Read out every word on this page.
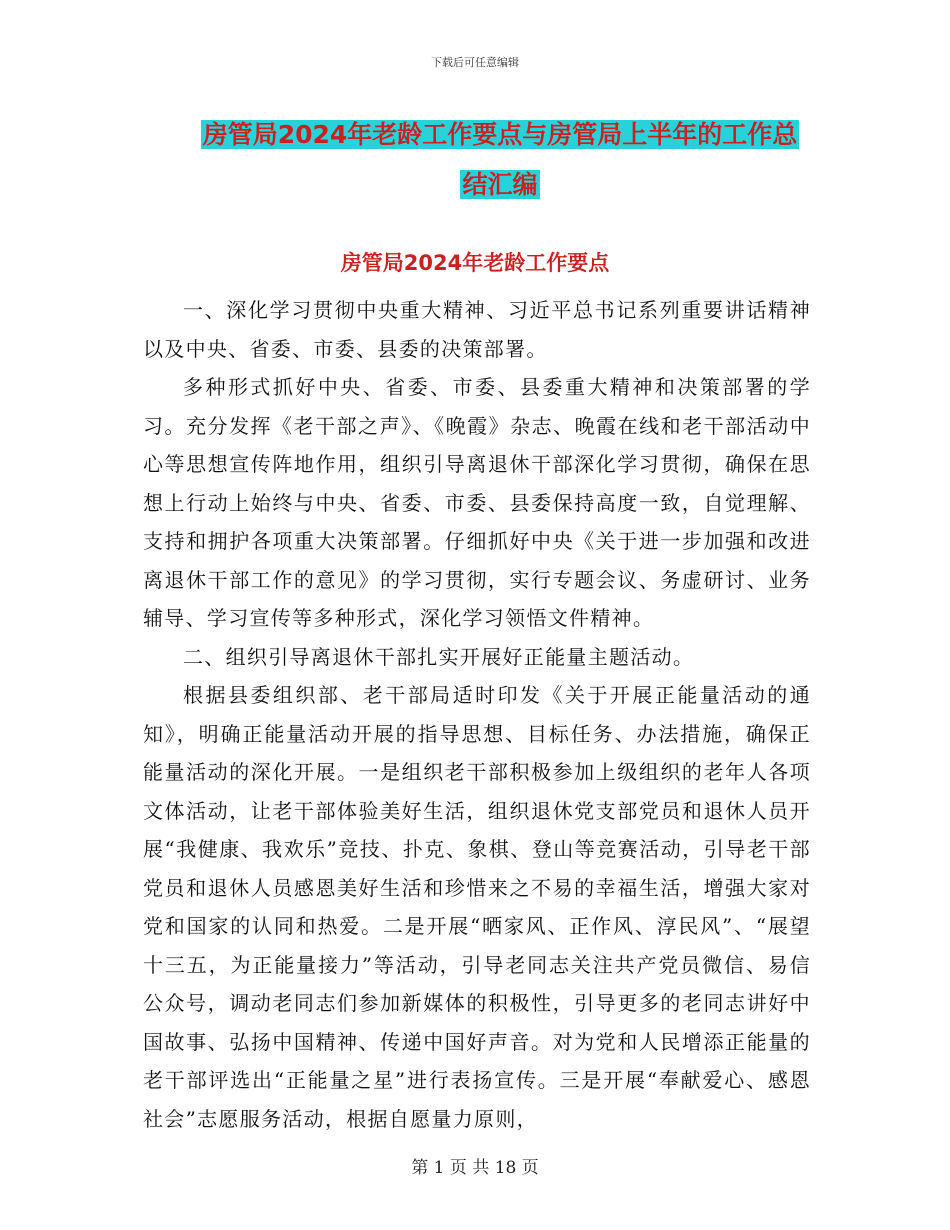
下载后可任意编辑
房管局2024年老龄工作要点与房管局上半年的工作总
结汇编
房管局2024年老龄工作要点

一、深化学习贯彻中央重大精神、习近平总书记系列重要讲话精神以及中央、省委、市委、县委的决策部署。

多种形式抓好中央、省委、市委、县委重大精神和决策部署的学习。充分发挥《老干部之声》、《晚霞》杂志、晚霞在线和老干部活动中心等思想宣传阵地作用，组织引导离退休干部深化学习贯彻，确保在思想上行动上始终与中央、省委、市委、县委保持高度一致，自觉理解、支持和拥护各项重大决策部署。仔细抓好中央《关于进一步加强和改进离退休干部工作的意见》的学习贯彻，实行专题会议、务虚研讨、业务辅导、学习宣传等多种形式，深化学习领悟文件精神。

二、组织引导离退休干部扎实开展好正能量主题活动。

根据县委组织部、老干部局适时印发《关于开展正能量活动的通知》，明确正能量活动开展的指导思想、目标任务、办法措施，确保正能量活动的深化开展。一是组织老干部积极参加上级组织的老年人各项文体活动，让老干部体验美好生活，组织退休党支部党员和退休人员开展“我健康、我欢乐”竞技、扑克、象棋、登山等竞赛活动，引导老干部党员和退休人员感恩美好生活和珍惜来之不易的幸福生活，增强大家对党和国家的认同和热爱。二是开展“晒家风、正作风、淳民风”、“展望十三五，为正能量接力”等活动，引导老同志关注共产党员微信、易信公众号，调动老同志们参加新媒体的积极性，引导更多的老同志讲好中国故事、弘扬中国精神、传递中国好声音。对为党和人民增添正能量的老干部评选出“正能量之星”进行表扬宣传。三是开展“奉献爱心、感恩社会”志愿服务活动，根据自愿量力原则，

第 1 页 共 18 页
